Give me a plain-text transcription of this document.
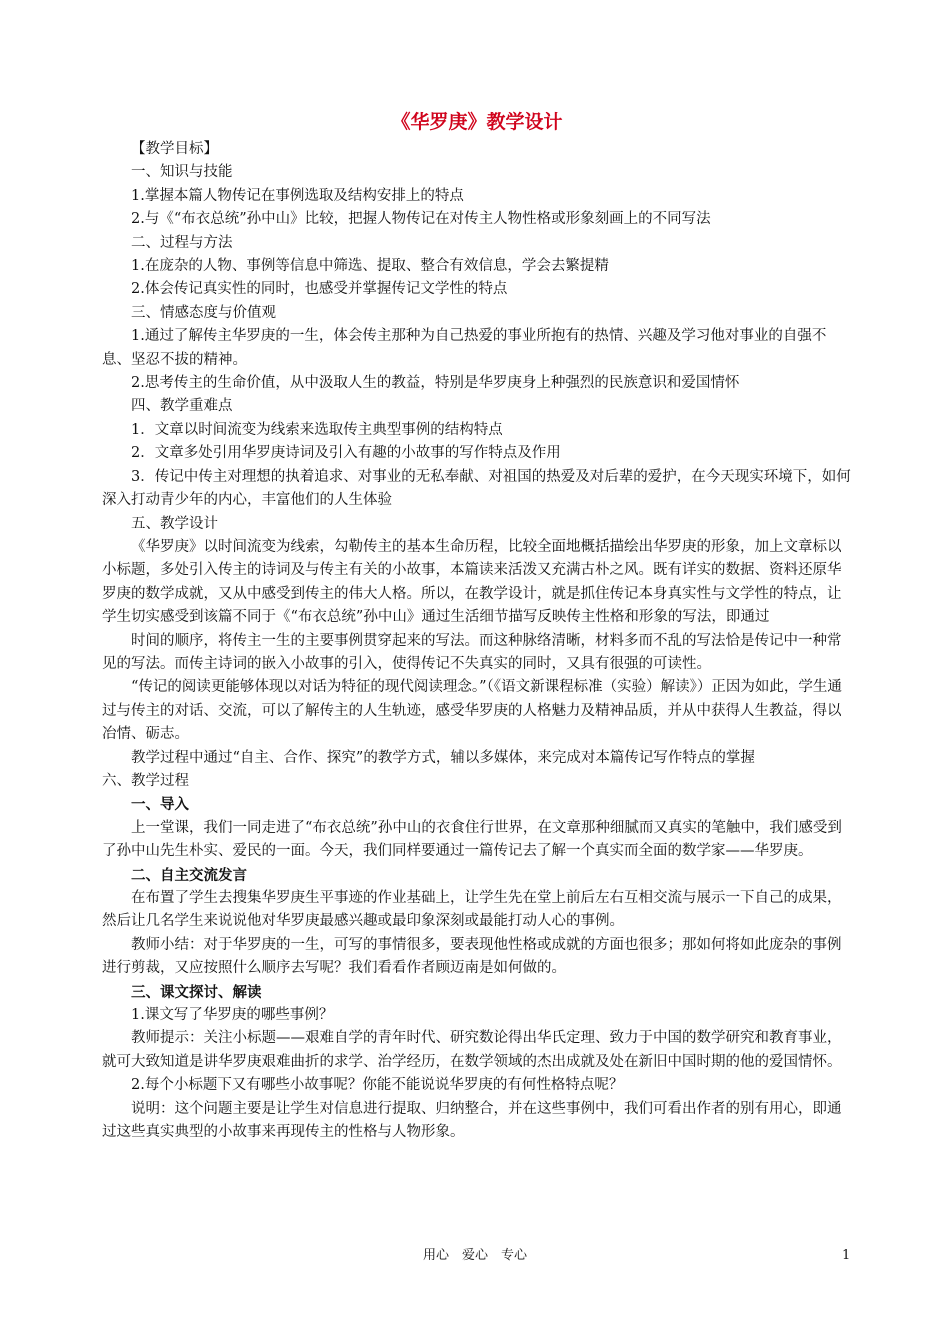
《华罗庚》教学设计

【教学目标】

一、知识与技能

1.掌握本篇人物传记在事例选取及结构安排上的特点

2.与《“布衣总统”孙中山》比较，把握人物传记在对传主人物性格或形象刻画上的不同写法

二、过程与方法

1.在庞杂的人物、事例等信息中筛选、提取、整合有效信息，学会去繁提精

2.体会传记真实性的同时，也感受并掌握传记文学性的特点

三、情感态度与价值观

1.通过了解传主华罗庚的一生，体会传主那种为自己热爱的事业所抱有的热情、兴趣及学习他对事业的自强不息、坚忍不拔的精神。

2.思考传主的生命价值，从中汲取人生的教益，特别是华罗庚身上种强烈的民族意识和爱国情怀

四、教学重难点

1．文章以时间流变为线索来选取传主典型事例的结构特点

2．文章多处引用华罗庚诗词及引入有趣的小故事的写作特点及作用

3．传记中传主对理想的执着追求、对事业的无私奉献、对祖国的热爱及对后辈的爱护，在今天现实环境下，如何深入打动青少年的内心，丰富他们的人生体验

五、教学设计

《华罗庚》以时间流变为线索，勾勒传主的基本生命历程，比较全面地概括描绘出华罗庚的形象，加上文章标以小标题，多处引入传主的诗词及与传主有关的小故事，本篇读来活泼又充满古朴之风。既有详实的数据、资料还原华罗庚的数学成就，又从中感受到传主的伟大人格。所以，在教学设计，就是抓住传记本身真实性与文学性的特点，让学生切实感受到该篇不同于《“布衣总统”孙中山》通过生活细节描写反映传主性格和形象的写法，即通过

时间的顺序，将传主一生的主要事例贯穿起来的写法。而这种脉络清晰，材料多而不乱的写法恰是传记中一种常见的写法。而传主诗词的嵌入小故事的引入，使得传记不失真实的同时，又具有很强的可读性。

“传记的阅读更能够体现以对话为特征的现代阅读理念。”（《语文新课程标准（实验）解读》）正因为如此，学生通过与传主的对话、交流，可以了解传主的人生轨迹，感受华罗庚的人格魅力及精神品质，并从中获得人生教益，得以冶情、砺志。

教学过程中通过“自主、合作、探究”的教学方式，辅以多媒体，来完成对本篇传记写作特点的掌握

六、教学过程

一、导入

上一堂课，我们一同走进了“布衣总统”孙中山的衣食住行世界，在文章那种细腻而又真实的笔触中，我们感受到了孙中山先生朴实、爱民的一面。今天，我们同样要通过一篇传记去了解一个真实而全面的数学家——华罗庚。

二、自主交流发言

在布置了学生去搜集华罗庚生平事迹的作业基础上，让学生先在堂上前后左右互相交流与展示一下自己的成果，然后让几名学生来说说他对华罗庚最感兴趣或最印象深刻或最能打动人心的事例。

教师小结：对于华罗庚的一生，可写的事情很多，要表现他性格或成就的方面也很多；那如何将如此庞杂的事例进行剪裁，又应按照什么顺序去写呢？我们看看作者顾迈南是如何做的。

三、课文探讨、解读

1.课文写了华罗庚的哪些事例？

教师提示：关注小标题——艰难自学的青年时代、研究数论得出华氏定理、致力于中国的数学研究和教育事业，就可大致知道是讲华罗庚艰难曲折的求学、治学经历，在数学领域的杰出成就及处在新旧中国时期的他的爱国情怀。

2.每个小标题下又有哪些小故事呢？你能不能说说华罗庚的有何性格特点呢？

说明：这个问题主要是让学生对信息进行提取、归纳整合，并在这些事例中，我们可看出作者的别有用心，即通过这些真实典型的小故事来再现传主的性格与人物形象。

用心　爱心　专心	1
